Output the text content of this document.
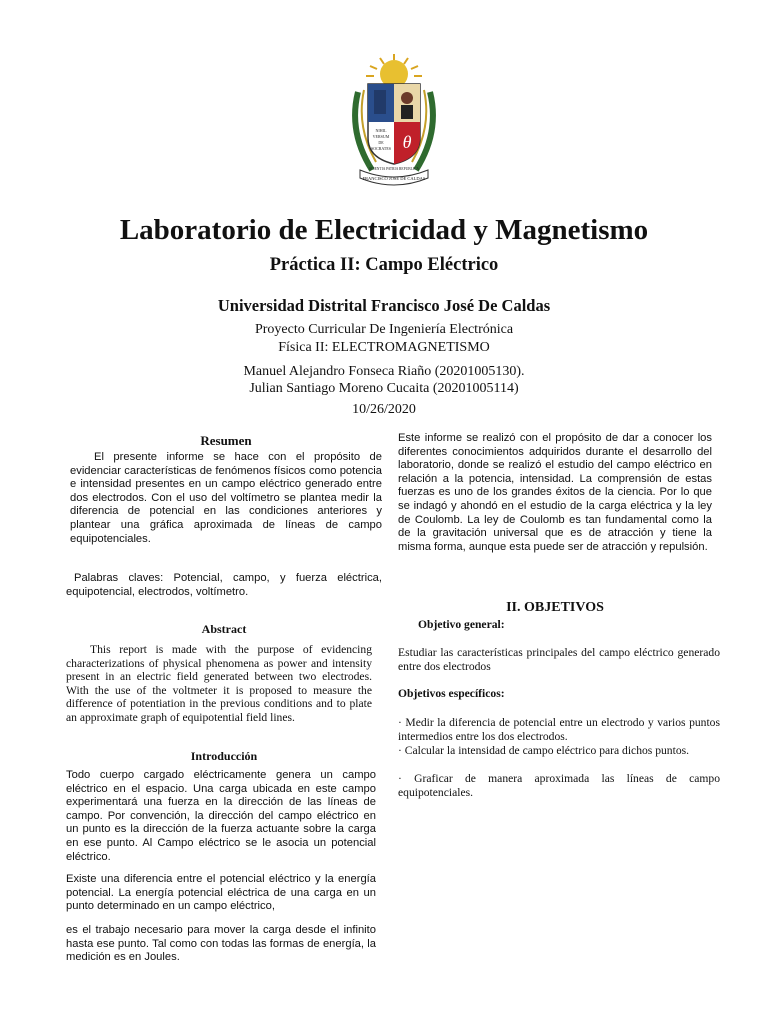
NIHIL
VERSUM
DE
SOCRATES θ
FRANCISCO JOSE DE CALDAS
SCIENTIA PATRIA REPUBLICA
Laboratorio de Electricidad y Magnetismo
Práctica II: Campo Eléctrico
Universidad Distrital Francisco José De Caldas
Proyecto Curricular De Ingeniería Electrónica
Física II: ELECTROMAGNETISMO
Manuel Alejandro Fonseca Riaño (20201005130).
Julian Santiago Moreno Cucaita (20201005114)
10/26/2020
Resumen

El presente informe se hace con el propósito de evidenciar características de fenómenos físicos como potencia e intensidad presentes en un campo eléctrico generado entre dos electrodos. Con el uso del voltímetro se plantea medir la diferencia de potencial en las condiciones anteriores y plantear una gráfica aproximada de líneas de campo equipotenciales.

Palabras claves: Potencial, campo, y fuerza eléctrica, equipotencial, electrodos, voltímetro.

Abstract

This report is made with the purpose of evidencing characterizations of physical phenomena as power and intensity present in an electric field generated between two electrodes. With the use of the voltmeter it is proposed to measure the difference of potentiation in the previous conditions and to plate an approximate graph of equipotential field lines.

Introducción

Todo cuerpo cargado eléctricamente genera un campo eléctrico en el espacio. Una carga ubicada en este campo experimentará una fuerza en la dirección de las líneas de campo. Por convención, la dirección del campo eléctrico en un punto es la dirección de la fuerza actuante sobre la carga en ese punto. Al Campo eléctrico se le asocia un potencial eléctrico.

Existe una diferencia entre el potencial eléctrico y la energía potencial. La energía potencial eléctrica de una carga en un punto determinado en un campo eléctrico,

es el trabajo necesario para mover la carga desde el infinito hasta ese punto. Tal como con todas las formas de energía, la medición es en Joules.

Este informe se realizó con el propósito de dar a conocer los diferentes conocimientos adquiridos durante el desarrollo del laboratorio, donde se realizó el estudio del campo eléctrico en relación a la potencia, intensidad. La comprensión de estas fuerzas es uno de los grandes éxitos de la ciencia. Por lo que se indagó y ahondó en el estudio de la carga eléctrica y la ley de Coulomb. La ley de Coulomb es tan fundamental como la de la gravitación universal que es de atracción y tiene la misma forma, aunque esta puede ser de atracción y repulsión.

II. OBJETIVOS
Objetivo general:

Estudiar las características principales del campo eléctrico generado entre dos electrodos

Objetivos específicos:

· Medir la diferencia de potencial entre un electrodo y varios puntos intermedios entre los dos electrodos.

· Calcular la intensidad de campo eléctrico para dichos puntos.

· Graficar de manera aproximada las líneas de campo equipotenciales.
